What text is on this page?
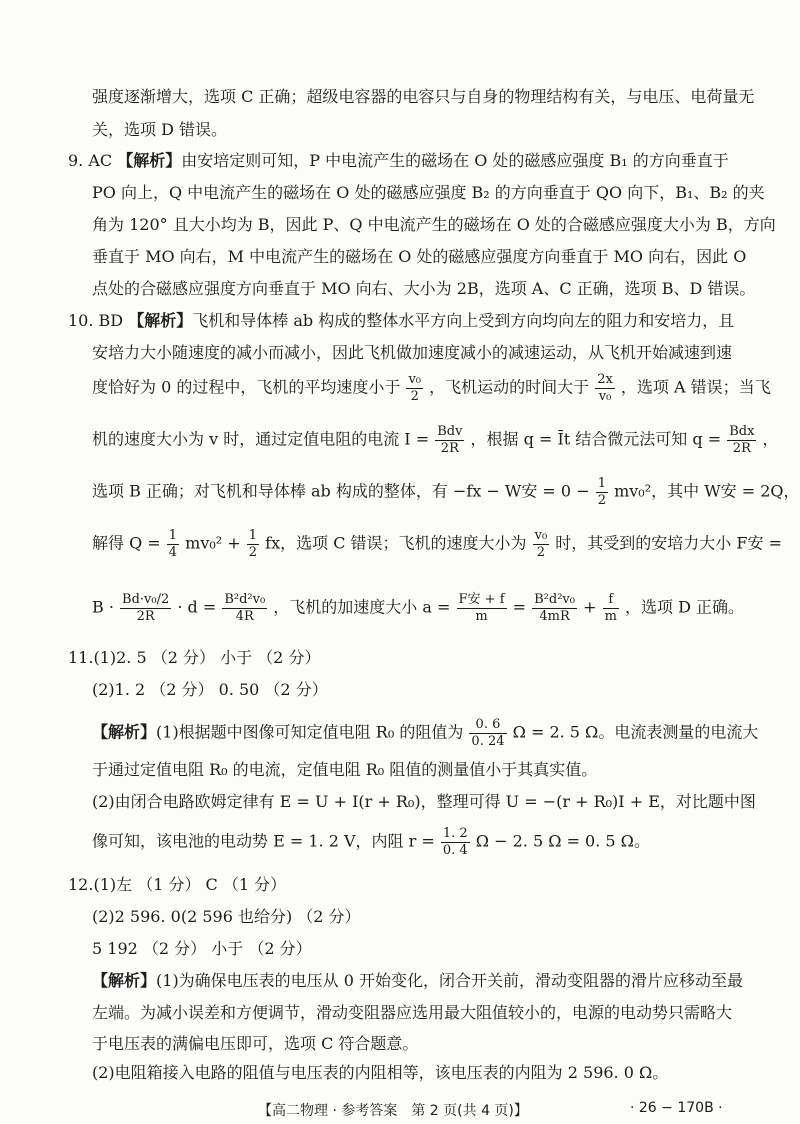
强度逐渐增大，选项 C 正确；超级电容器的电容只与自身的物理结构有关，与电压、电荷量无
关，选项 D 错误。
9. AC 【解析】由安培定则可知，P 中电流产生的磁场在 O 处的磁感应强度 B₁ 的方向垂直于
PO 向上，Q 中电流产生的磁场在 O 处的磁感应强度 B₂ 的方向垂直于 QO 向下，B₁、B₂ 的夹
角为 120° 且大小均为 B，因此 P、Q 中电流产生的磁场在 O 处的合磁感应强度大小为 B，方向
垂直于 MO 向右，M 中电流产生的磁场在 O 处的磁感应强度方向垂直于 MO 向右，因此 O
点处的合磁感应强度方向垂直于 MO 向右、大小为 2B，选项 A、C 正确，选项 B、D 错误。
10. BD 【解析】飞机和导体棒 ab 构成的整体水平方向上受到方向均向左的阻力和安培力，且
安培力大小随速度的减小而减小，因此飞机做加速度减小的减速运动，从飞机开始减速到速
度恰好为 0 的过程中，飞机的平均速度小于 $\frac{\text{v₀}}{2}$ ，飞机运动的时间大于 $\frac{2x}{\text{v₀}}$ ，选项 A 错误；当飞
机的速度大小为 v 时，通过定值电阻的电流 I = Bdv
2R ，根据 q = Īt 结合微元法可知 q = Bdx
2R ，
选项 B 正确；对飞机和导体棒 ab 构成的整体，有 −fx − W安 = $0 - \frac{1}{2} mv_0^2$，其中 W安 = 2Q，
解得 $Q = \frac{1}{4} mv_0^2 + \frac{1}{2}$ fx，选项 C 错误；飞机的速度大小为 $\frac{\text{v₀}}{2}$ 时，其受到的安培力大小 F安 =
$B \cdot \frac{\text{Bd·v₀/2}}{2R} \cdot d = \frac{\text{B²d²v₀}}{4R}$ ，飞机的加速度大小 a = F安 + f
m	= $\frac{\text{B²d²v₀}}{4mR} + \frac{f}{m}$ ，选项 D 正确。
11.(1)2. 5 （2 分） 小于 （2 分）
(2)1. 2 （2 分） 0. 50 （2 分）
【解析】(1)根据题中图像可知定值电阻 R₀ 的阻值为 $\frac{0. 6}{0. 24}$ Ω = 2. 5 Ω。电流表测量的电流大
于通过定值电阻 R₀ 的电流，定值电阻 R₀ 阻值的测量值小于其真实值。
(2)由闭合电路欧姆定律有 E = U + I(r + R₀)，整理可得 U = −(r + R₀)I + E，对比题中图
像可知，该电池的电动势 E = 1. 2 V，内阻 $r = \frac{1. 2}{0. 4}$ Ω − 2. 5 Ω = 0. 5 Ω。
12.(1)左 （1 分） C （1 分）
(2)2 596. 0(2 596 也给分) （2 分）
5 192 （2 分） 小于 （2 分）
【解析】(1)为确保电压表的电压从 0 开始变化，闭合开关前，滑动变阻器的滑片应移动至最
左端。为减小误差和方便调节，滑动变阻器应选用最大阻值较小的，电源的电动势只需略大
于电压表的满偏电压即可，选项 C 符合题意。
(2)电阻箱接入电路的阻值与电压表的内阻相等，该电压表的内阻为 2 596. 0 Ω。
【高二物理 · 参考答案　第 2 页(共 4 页)】	· 26 − 170B ·
